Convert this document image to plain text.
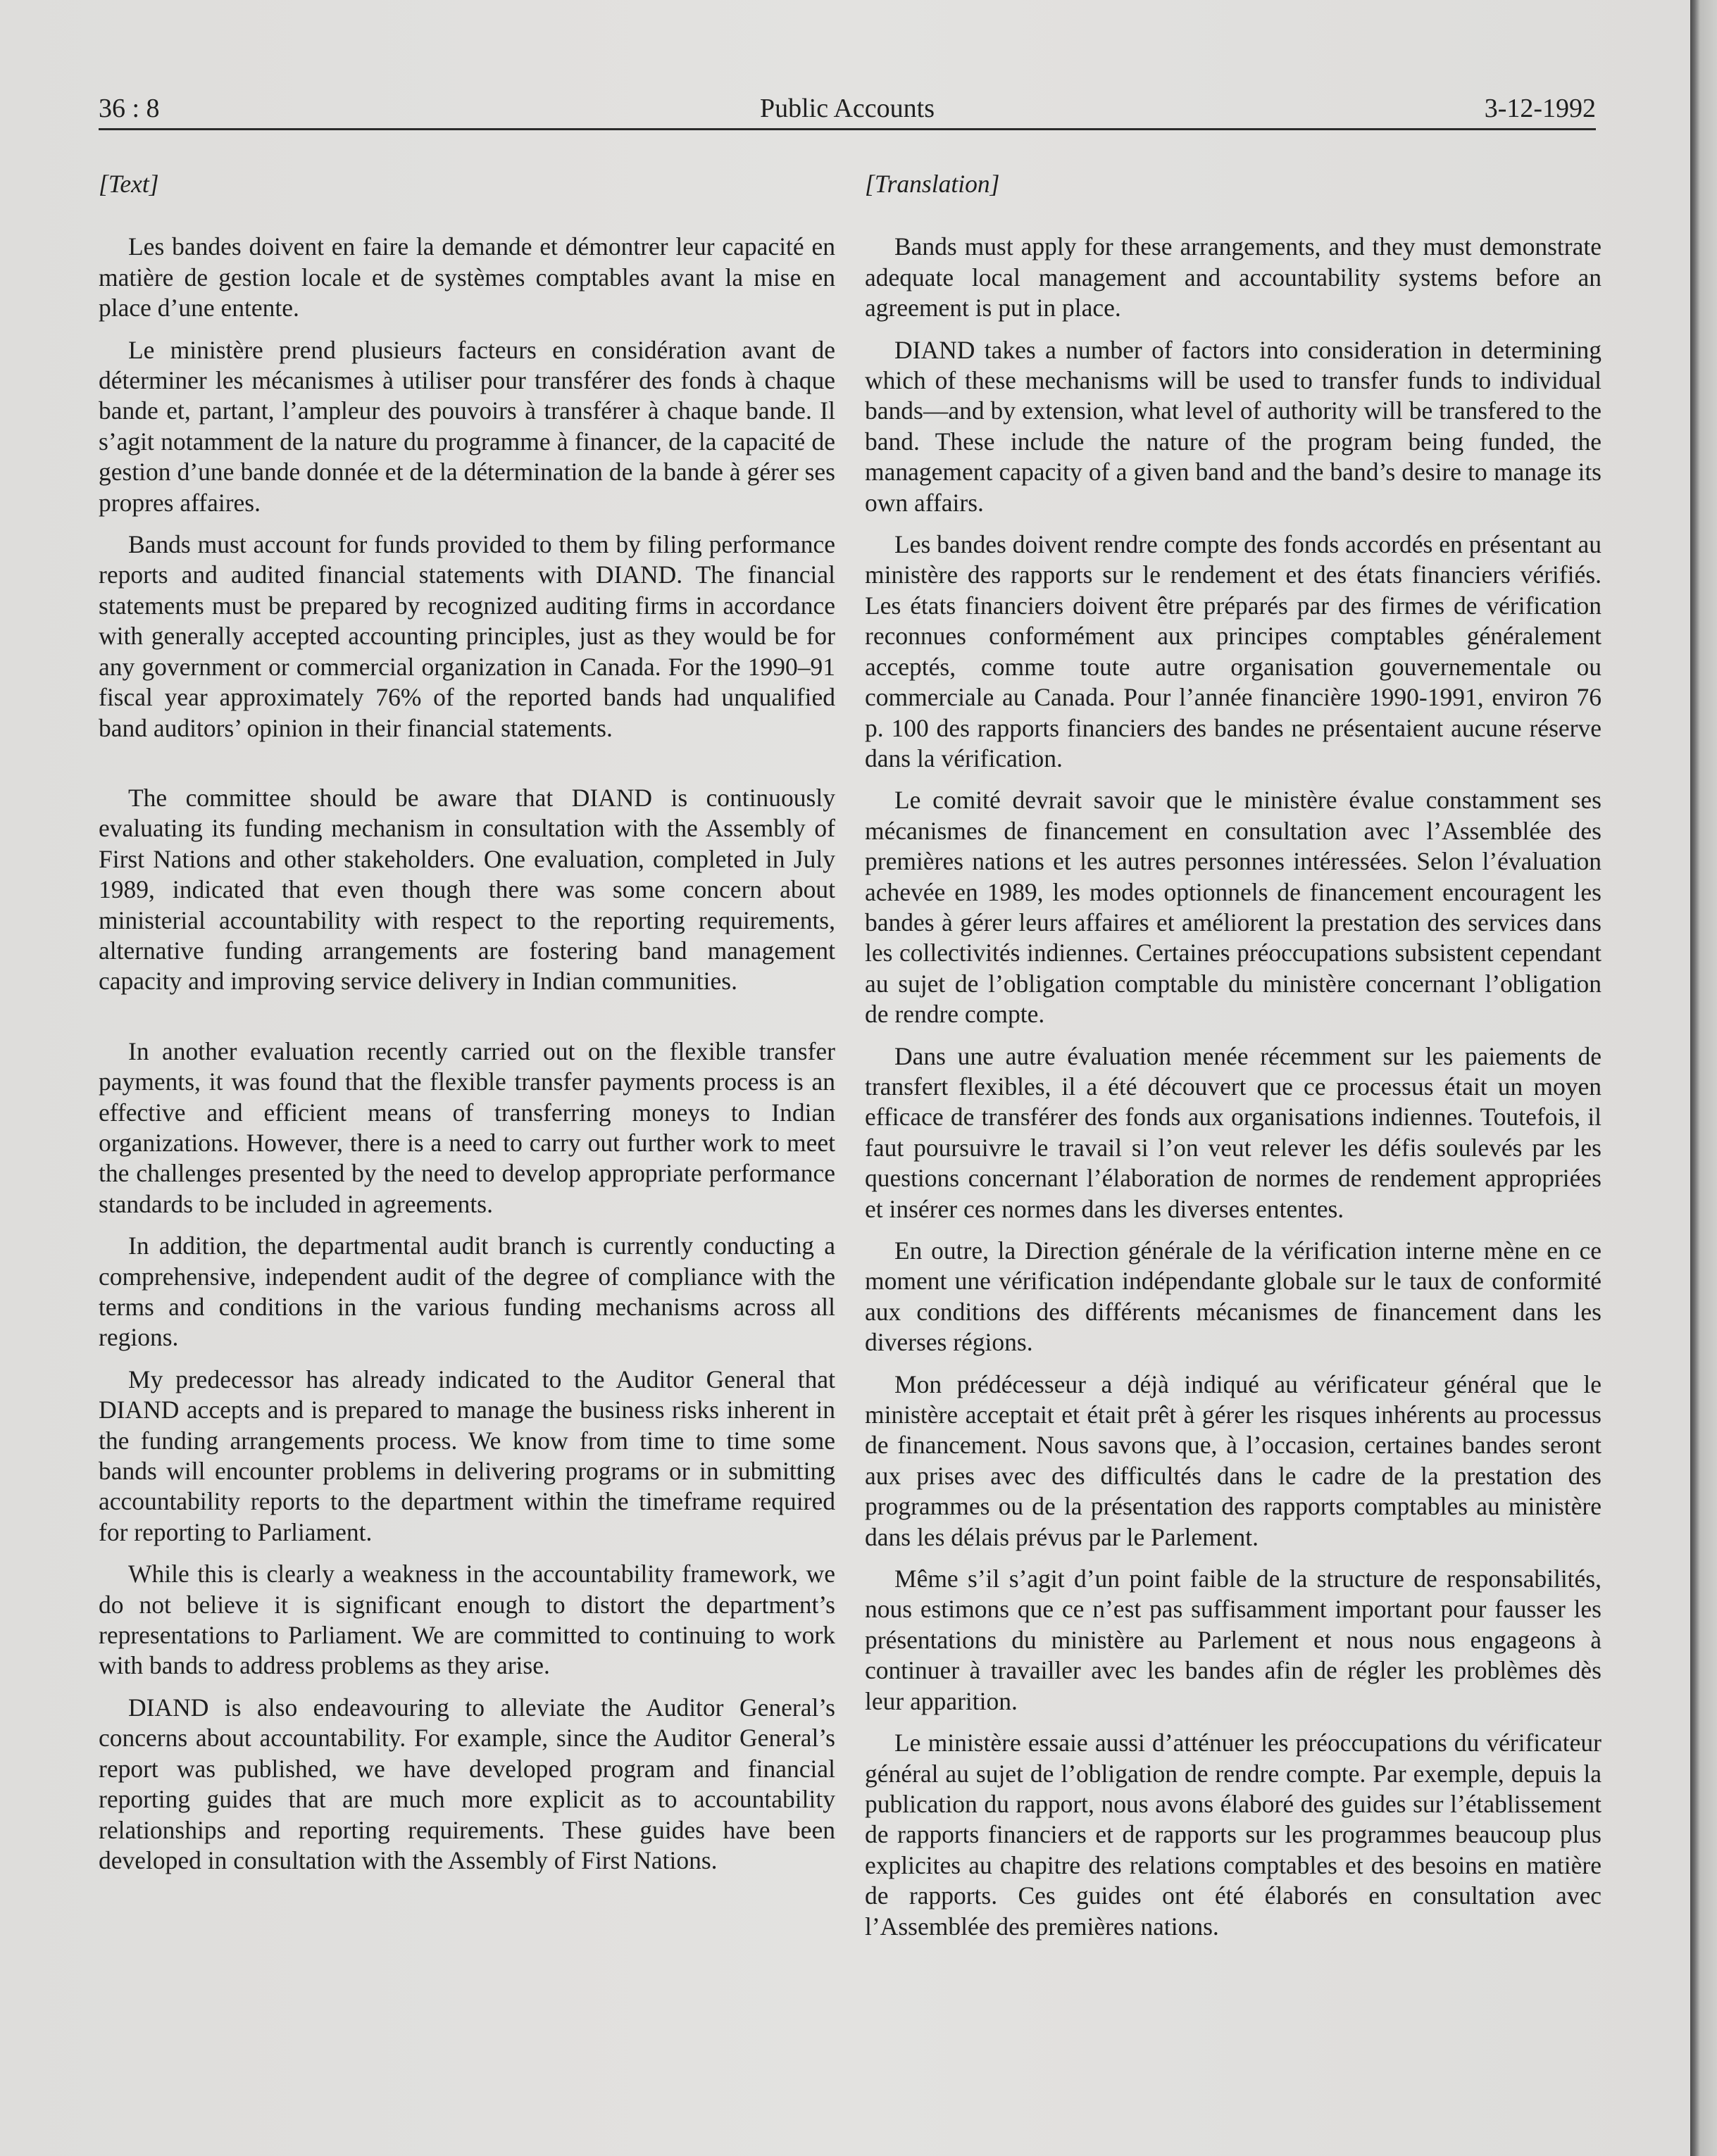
36 : 8	Public Accounts	3-12-1992
[Text]

Les bandes doivent en faire la demande et démontrer leur capacité en matière de gestion locale et de systèmes comptables avant la mise en place d’une entente.

Le ministère prend plusieurs facteurs en considération avant de déterminer les mécanismes à utiliser pour transférer des fonds à chaque bande et, partant, l’ampleur des pouvoirs à transférer à chaque bande. Il s’agit notamment de la nature du programme à financer, de la capacité de gestion d’une bande donnée et de la détermination de la bande à gérer ses propres affaires.

Bands must account for funds provided to them by filing performance reports and audited financial statements with DIAND. The financial statements must be prepared by recognized auditing firms in accordance with generally accepted accounting principles, just as they would be for any government or commercial organization in Canada. For the 1990–91 fiscal year approximately 76% of the reported bands had unqualified band auditors’ opinion in their financial statements.

The committee should be aware that DIAND is continuously evaluating its funding mechanism in consultation with the Assembly of First Nations and other stakeholders. One evaluation, completed in July 1989, indicated that even though there was some concern about ministerial accountability with respect to the reporting requirements, alternative funding arrangements are fostering band management capacity and improving service delivery in Indian communities.

In another evaluation recently carried out on the flexible transfer payments, it was found that the flexible transfer payments process is an effective and efficient means of transferring moneys to Indian organizations. However, there is a need to carry out further work to meet the challenges presented by the need to develop appropriate performance standards to be included in agreements.

In addition, the departmental audit branch is currently conducting a comprehensive, independent audit of the degree of compliance with the terms and conditions in the various funding mechanisms across all regions.

My predecessor has already indicated to the Auditor General that DIAND accepts and is prepared to manage the business risks inherent in the funding arrangements process. We know from time to time some bands will encounter problems in delivering programs or in submitting accountability reports to the department within the timeframe required for reporting to Parliament.

While this is clearly a weakness in the accountability framework, we do not believe it is significant enough to distort the department’s representations to Parliament. We are committed to continuing to work with bands to address problems as they arise.

DIAND is also endeavouring to alleviate the Auditor General’s concerns about accountability. For example, since the Auditor General’s report was published, we have developed program and financial reporting guides that are much more explicit as to accountability relationships and reporting requirements. These guides have been developed in consultation with the Assembly of First Nations.

[Translation]

Bands must apply for these arrangements, and they must demonstrate adequate local management and accountability systems before an agreement is put in place.

DIAND takes a number of factors into consideration in determining which of these mechanisms will be used to transfer funds to individual bands—and by extension, what level of authority will be transfered to the band. These include the nature of the program being funded, the management capacity of a given band and the band’s desire to manage its own affairs.

Les bandes doivent rendre compte des fonds accordés en présentant au ministère des rapports sur le rendement et des états financiers vérifiés. Les états financiers doivent être préparés par des firmes de vérification reconnues conformément aux principes comptables généralement acceptés, comme toute autre organisation gouvernementale ou commerciale au Canada. Pour l’année financière 1990-1991, environ 76 p. 100 des rapports financiers des bandes ne présentaient aucune réserve dans la vérification.

Le comité devrait savoir que le ministère évalue constamment ses mécanismes de financement en consultation avec l’Assemblée des premières nations et les autres personnes intéressées. Selon l’évaluation achevée en 1989, les modes optionnels de financement encouragent les bandes à gérer leurs affaires et améliorent la prestation des services dans les collectivités indiennes. Certaines préoccupations subsistent cependant au sujet de l’obligation comptable du ministère concernant l’obligation de rendre compte.

Dans une autre évaluation menée récemment sur les paiements de transfert flexibles, il a été découvert que ce processus était un moyen efficace de transférer des fonds aux organisations indiennes. Toutefois, il faut poursuivre le travail si l’on veut relever les défis soulevés par les questions concernant l’élaboration de normes de rendement appropriées et insérer ces normes dans les diverses ententes.

En outre, la Direction générale de la vérification interne mène en ce moment une vérification indépendante globale sur le taux de conformité aux conditions des différents mécanismes de financement dans les diverses régions.

Mon prédécesseur a déjà indiqué au vérificateur général que le ministère acceptait et était prêt à gérer les risques inhérents au processus de financement. Nous savons que, à l’occasion, certaines bandes seront aux prises avec des difficultés dans le cadre de la prestation des programmes ou de la présentation des rapports comptables au ministère dans les délais prévus par le Parlement.

Même s’il s’agit d’un point faible de la structure de responsabilités, nous estimons que ce n’est pas suffisamment important pour fausser les présentations du ministère au Parlement et nous nous engageons à continuer à travailler avec les bandes afin de régler les problèmes dès leur apparition.

Le ministère essaie aussi d’atténuer les préoccupations du vérificateur général au sujet de l’obligation de rendre compte. Par exemple, depuis la publication du rapport, nous avons élaboré des guides sur l’établissement de rapports financiers et de rapports sur les programmes beaucoup plus explicites au chapitre des relations comptables et des besoins en matière de rapports. Ces guides ont été élaborés en consultation avec l’Assemblée des premières nations.
